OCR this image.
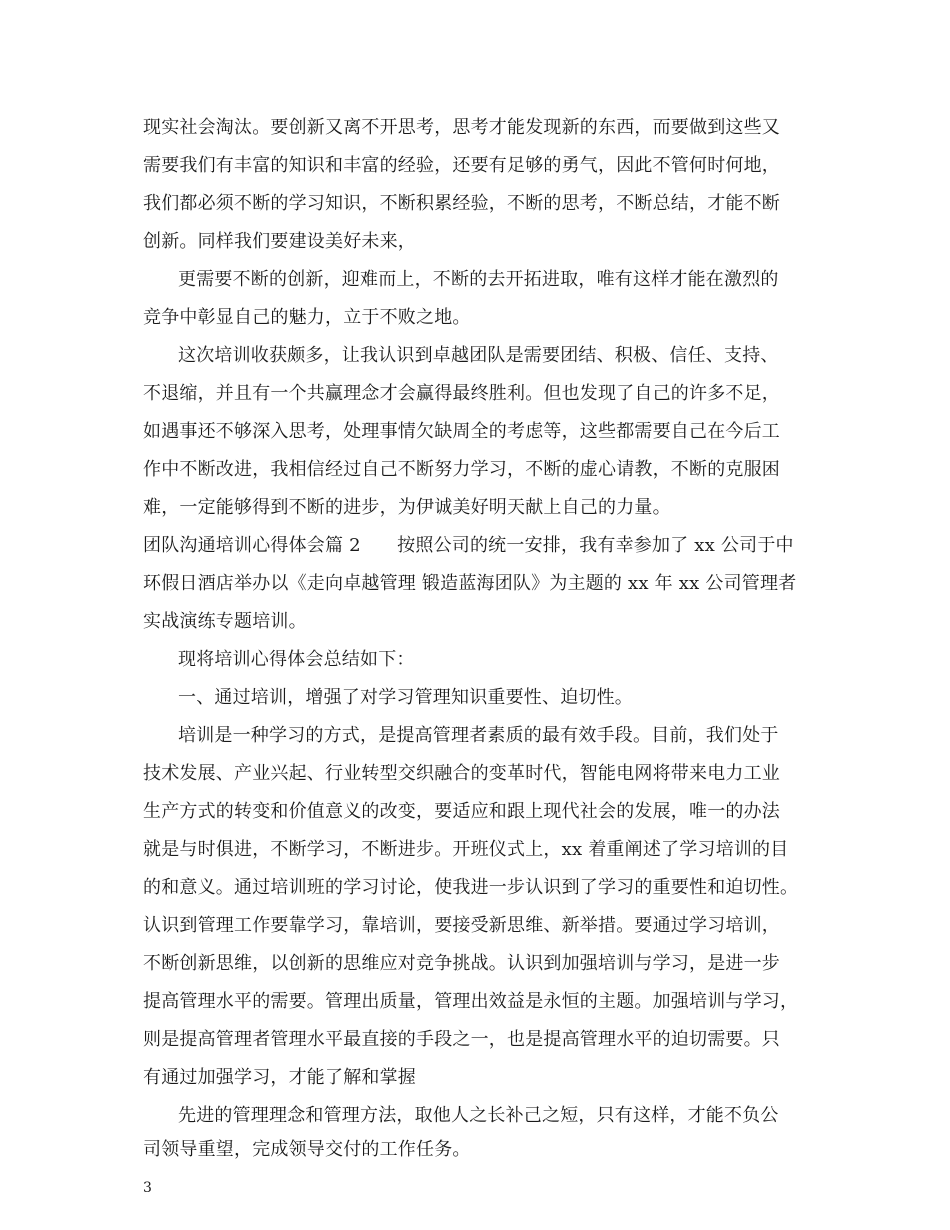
现实社会淘汰。要创新又离不开思考，思考才能发现新的东西，而要做到这些又
需要我们有丰富的知识和丰富的经验，还要有足够的勇气，因此不管何时何地，
我们都必须不断的学习知识，不断积累经验，不断的思考，不断总结，才能不断
创新。同样我们要建设美好未来，
更需要不断的创新，迎难而上，不断的去开拓进取，唯有这样才能在激烈的
竞争中彰显自己的魅力，立于不败之地。
这次培训收获颇多，让我认识到卓越团队是需要团结、积极、信任、支持、
不退缩，并且有一个共赢理念才会赢得最终胜利。但也发现了自己的许多不足，
如遇事还不够深入思考，处理事情欠缺周全的考虑等，这些都需要自己在今后工
作中不断改进，我相信经过自己不断努力学习，不断的虚心请教，不断的克服困
难，一定能够得到不断的进步，为伊诚美好明天献上自己的力量。
团队沟通培训心得体会篇 2　　按照公司的统一安排，我有幸参加了 xx 公司于中
环假日酒店举办以《走向卓越管理 锻造蓝海团队》为主题的 xx 年 xx 公司管理者
实战演练专题培训。
现将培训心得体会总结如下：
一、通过培训，增强了对学习管理知识重要性、迫切性。
培训是一种学习的方式，是提高管理者素质的最有效手段。目前，我们处于
技术发展、产业兴起、行业转型交织融合的变革时代，智能电网将带来电力工业
生产方式的转变和价值意义的改变，要适应和跟上现代社会的发展，唯一的办法
就是与时俱进，不断学习，不断进步。开班仪式上，xx 着重阐述了学习培训的目
的和意义。通过培训班的学习讨论，使我进一步认识到了学习的重要性和迫切性。
认识到管理工作要靠学习，靠培训，要接受新思维、新举措。要通过学习培训，
不断创新思维，以创新的思维应对竞争挑战。认识到加强培训与学习，是进一步
提高管理水平的需要。管理出质量，管理出效益是永恒的主题。加强培训与学习，
则是提高管理者管理水平最直接的手段之一，也是提高管理水平的迫切需要。只
有通过加强学习，才能了解和掌握
先进的管理理念和管理方法，取他人之长补己之短，只有这样，才能不负公
司领导重望，完成领导交付的工作任务。
3
